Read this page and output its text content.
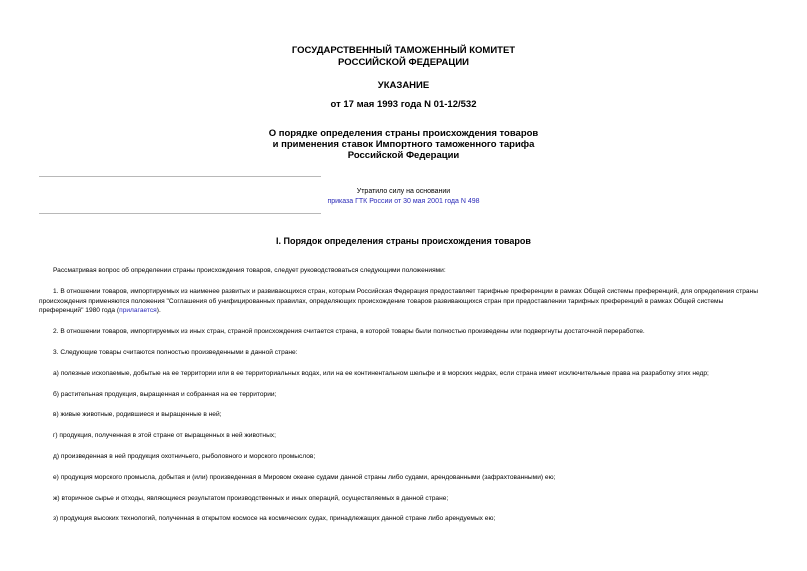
ГОСУДАРСТВЕННЫЙ ТАМОЖЕННЫЙ КОМИТЕТ
РОССИЙСКОЙ ФЕДЕРАЦИИ
УКАЗАНИЕ
от 17 мая 1993 года N 01-12/532
О порядке определения страны происхождения товаров
и применения ставок Импортного таможенного тарифа
Российской Федерации
Утратило силу на основании
приказа ГТК России от 30 мая 2001 года N 498
I. Порядок определения страны происхождения товаров
Рассматривая вопрос об определении страны происхождения товаров, следует руководствоваться следующими положениями:
1. В отношении товаров, импортируемых из наименее развитых и развивающихся стран, которым Российская Федерация предоставляет тарифные преференции в рамках Общей системы преференций, для определения страны происхождения применяются положения "Соглашения об унифицированных правилах, определяющих происхождение товаров развивающихся стран при предоставлении тарифных преференций в рамках Общей системы преференций" 1980 года (прилагается).
2. В отношении товаров, импортируемых из иных стран, страной происхождения считается страна, в которой товары были полностью произведены или подвергнуты достаточной переработке.
3. Следующие товары считаются полностью произведенными в данной стране:
а) полезные ископаемые, добытые на ее территории или в ее территориальных водах, или на ее континентальном шельфе и в морских недрах, если страна имеет исключительные права на разработку этих недр;
б) растительная продукция, выращенная и собранная на ее территории;
в) живые животные, родившиеся и выращенные в ней;
г) продукция, полученная в этой стране от выращенных в ней животных;
д) произведенная в ней продукция охотничьего, рыболовного и морского промыслов;
е) продукция морского промысла, добытая и (или) произведенная в Мировом океане судами данной страны либо судами, арендованными (зафрахтованными) ею;
ж) вторичное сырье и отходы, являющиеся результатом производственных и иных операций, осуществляемых в данной стране;
з) продукция высоких технологий, полученная в открытом космосе на космических судах, принадлежащих данной стране либо арендуемых ею;
